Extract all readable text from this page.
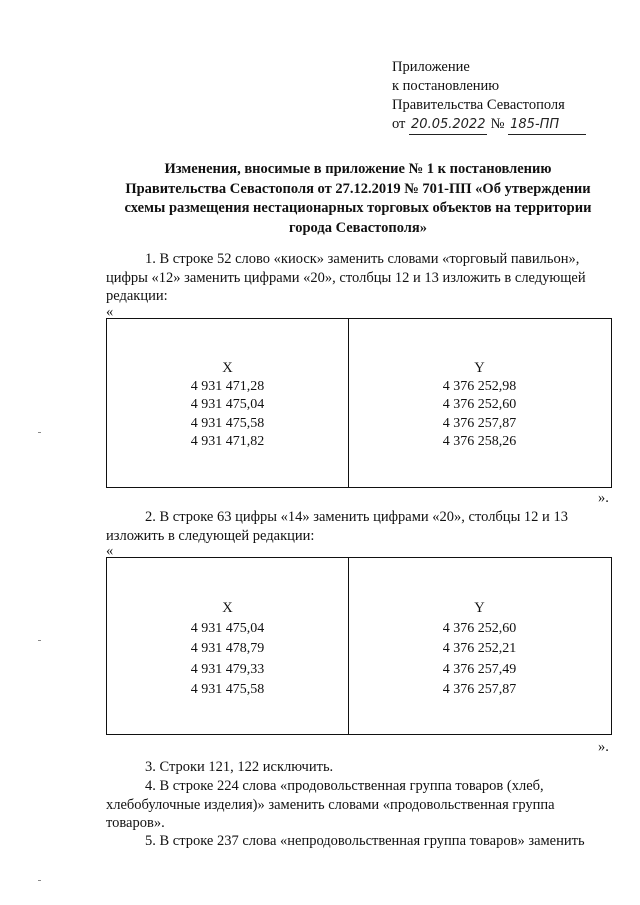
Приложение
к постановлению
Правительства Севастополя
от 20.05.2022 № 185-ПП
Изменения, вносимые в приложение № 1 к постановлению
Правительства Севастополя от 27.12.2019 № 701-ПП «Об утверждении
схемы размещения нестационарных торговых объектов на территории
города Севастополя»
1. В строке 52 слово «киоск» заменить словами «торговый павильон»,
цифры «12» заменить цифрами «20», столбцы 12 и 13 изложить в следующей
редакции:
«
X
4 931 471,28
4 931 475,04
4 931 475,58
4 931 471,82
Y
4 376 252,98
4 376 252,60
4 376 257,87
4 376 258,26
».
2. В строке 63 цифры «14» заменить цифрами «20», столбцы 12 и 13
изложить в следующей редакции:
«
X
4 931 475,04
4 931 478,79
4 931 479,33
4 931 475,58
Y
4 376 252,60
4 376 252,21
4 376 257,49
4 376 257,87
».
3. Строки 121, 122 исключить.
4. В строке 224 слова «продовольственная группа товаров (хлеб,
хлебобулочные изделия)» заменить словами «продовольственная группа
товаров».
5. В строке 237 слова «непродовольственная группа товаров» заменить
